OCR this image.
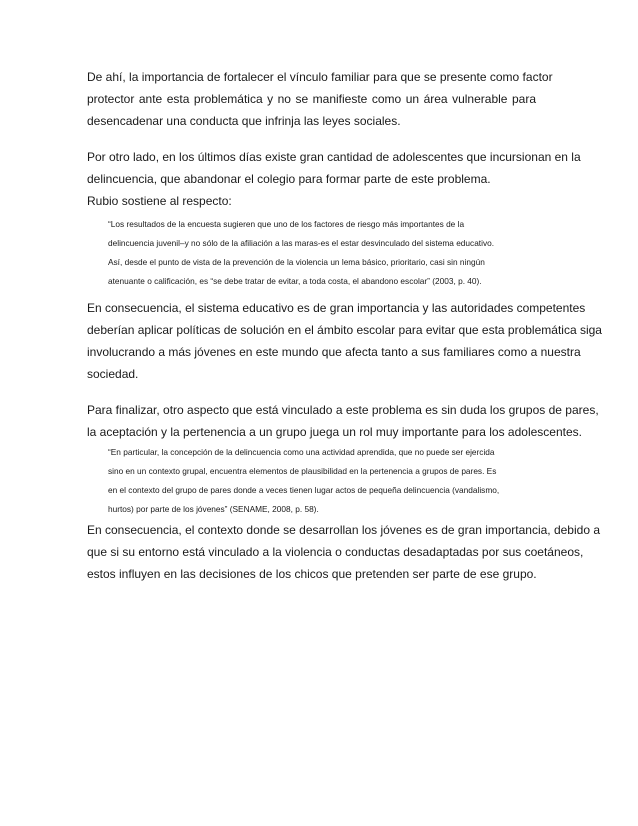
De ahí, la importancia de fortalecer el vínculo familiar para que se presente como factor
protector ante esta problemática y no se manifieste como un área vulnerable para
desencadenar una conducta que infrinja las leyes sociales.

Por otro lado, en los últimos días existe gran cantidad de adolescentes que incursionan en la
delincuencia, que abandonar el colegio para formar parte de este problema.
Rubio sostiene al respecto:

“Los resultados de la encuesta sugieren que uno de los factores de riesgo más importantes de la
delincuencia juvenil–y no sólo de la afiliación a las maras-es el estar desvinculado del sistema educativo.
Así, desde el punto de vista de la prevención de la violencia un lema básico, prioritario, casi sin ningún
atenuante o calificación, es “se debe tratar de evitar, a toda costa, el abandono escolar” (2003, p. 40).

En consecuencia, el sistema educativo es de gran importancia y las autoridades competentes
deberían aplicar políticas de solución en el ámbito escolar para evitar que esta problemática siga
involucrando a más jóvenes en este mundo que afecta tanto a sus familiares como a nuestra
sociedad.

Para finalizar, otro aspecto que está vinculado a este problema es sin duda los grupos de pares,
la aceptación y la pertenencia a un grupo juega un rol muy importante para los adolescentes.

“En particular, la concepción de la delincuencia como una actividad aprendida, que no puede ser ejercida
sino en un contexto grupal, encuentra elementos de plausibilidad en la pertenencia a grupos de pares. Es
en el contexto del grupo de pares donde a veces tienen lugar actos de pequeña delincuencia (vandalismo,
hurtos) por parte de los jóvenes” (SENAME, 2008, p. 58).

En consecuencia, el contexto donde se desarrollan los jóvenes es de gran importancia, debido a
que si su entorno está vinculado a la violencia o conductas desadaptadas por sus coetáneos,
estos influyen en las decisiones de los chicos que pretenden ser parte de ese grupo.
